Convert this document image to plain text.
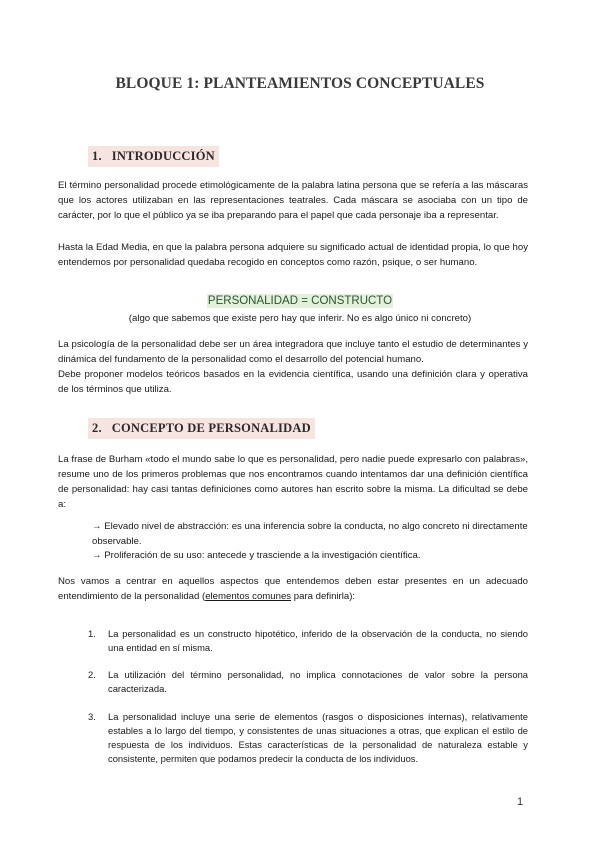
BLOQUE 1: PLANTEAMIENTOS CONCEPTUALES
1. INTRODUCCIÓN

El término personalidad procede etimológicamente de la palabra latina persona que se refería a las máscaras que los actores utilizaban en las representaciones teatrales. Cada máscara se asociaba con un tipo de carácter, por lo que el público ya se iba preparando para el papel que cada personaje iba a representar.

Hasta la Edad Media, en que la palabra persona adquiere su significado actual de identidad propia, lo que hoy entendemos por personalidad quedaba recogido en conceptos como razón, psique, o ser humano.

PERSONALIDAD = CONSTRUCTO
(algo que sabemos que existe pero hay que inferir. No es algo único ni concreto)

La psicología de la personalidad debe ser un área integradora que incluye tanto el estudio de determinantes y dinámica del fundamento de la personalidad como el desarrollo del potencial humano.

Debe proponer modelos teóricos basados en la evidencia científica, usando una definición clara y operativa de los términos que utiliza.

2. CONCEPTO DE PERSONALIDAD

La frase de Burham «todo el mundo sabe lo que es personalidad, pero nadie puede expresarlo con palabras», resume uno de los primeros problemas que nos encontramos cuando intentamos dar una definición científica de personalidad: hay casi tantas definiciones como autores han escrito sobre la misma. La dificultad se debe a:

→ Elevado nivel de abstracción: es una inferencia sobre la conducta, no algo concreto ni directamente observable.

→ Proliferación de su uso: antecede y trasciende a la investigación científica.

Nos vamos a centrar en aquellos aspectos que entendemos deben estar presentes en un adecuado entendimiento de la personalidad (elementos comunes para definirla):

1. La personalidad es un constructo hipotético, inferido de la observación de la conducta, no siendo una entidad en sí misma.
2. La utilización del término personalidad, no implica connotaciones de valor sobre la persona caracterizada.
3. La personalidad incluye una serie de elementos (rasgos o disposiciones internas), relativamente estables a lo largo del tiempo, y consistentes de unas situaciones a otras, que explican el estilo de respuesta de los individuos. Estas características de la personalidad de naturaleza estable y consistente, permiten que podamos predecir la conducta de los individuos.
1
